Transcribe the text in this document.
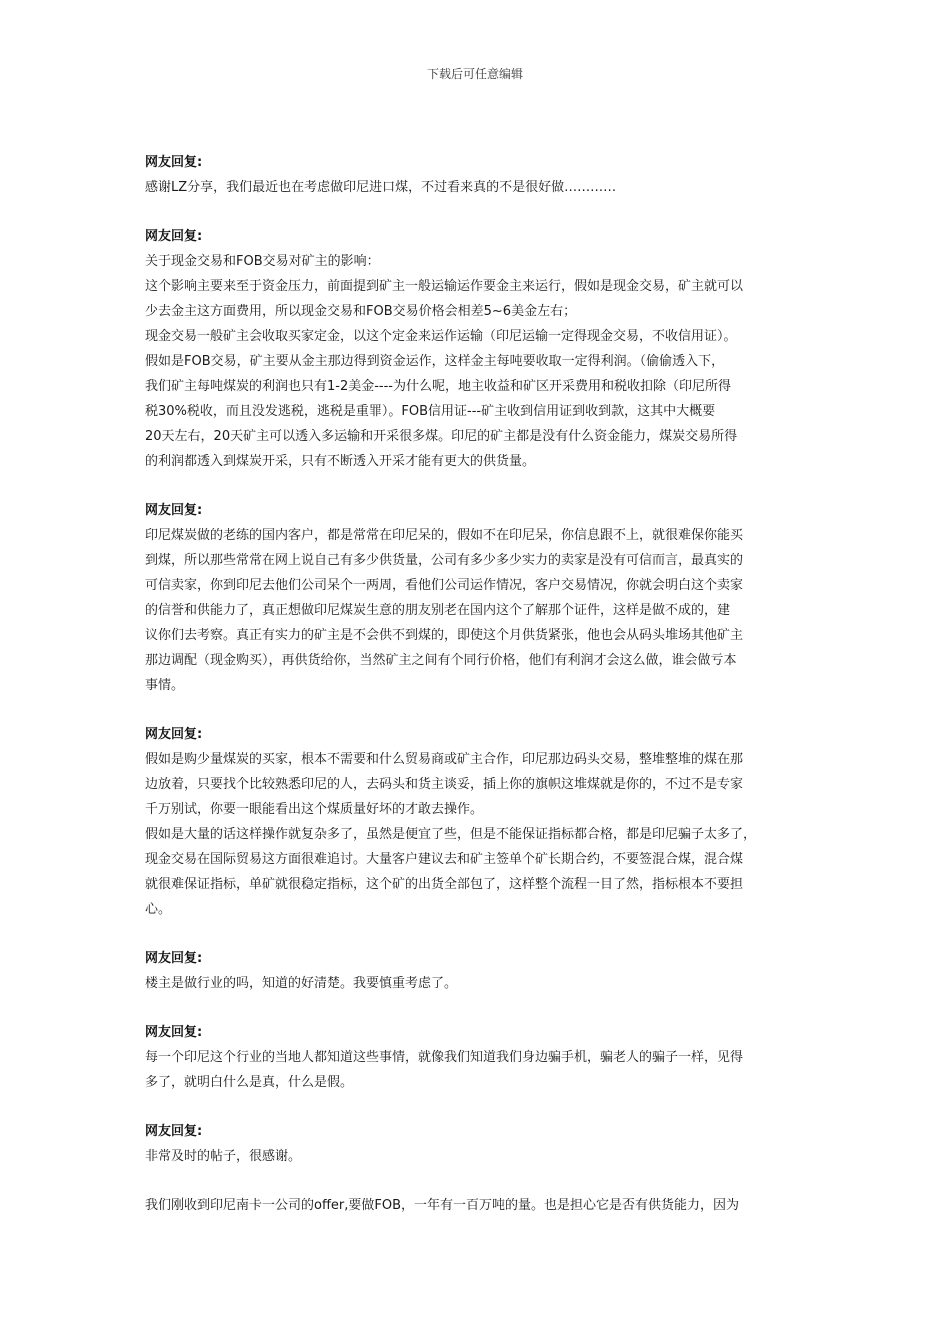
下载后可任意编辑

网友回复:

感谢LZ分享，我们最近也在考虑做印尼进口煤，不过看来真的不是很好做…………

网友回复:

关于现金交易和FOB交易对矿主的影响：

这个影响主要来至于资金压力，前面提到矿主一般运输运作要金主来运行，假如是现金交易，矿主就可以

少去金主这方面费用，所以现金交易和FOB交易价格会相差5~6美金左右；

现金交易一般矿主会收取买家定金，以这个定金来运作运输（印尼运输一定得现金交易，不收信用证）。

假如是FOB交易，矿主要从金主那边得到资金运作，这样金主每吨要收取一定得利润。（偷偷透入下，

我们矿主每吨煤炭的利润也只有1-2美金----为什么呢，地主收益和矿区开采费用和税收扣除（印尼所得

税30%税收，而且没发逃税，逃税是重罪）。FOB信用证---矿主收到信用证到收到款，这其中大概要

20天左右，20天矿主可以透入多运输和开采很多煤。印尼的矿主都是没有什么资金能力，煤炭交易所得

的利润都透入到煤炭开采，只有不断透入开采才能有更大的供货量。

网友回复:

印尼煤炭做的老练的国内客户，都是常常在印尼呆的，假如不在印尼呆，你信息跟不上，就很难保你能买

到煤，所以那些常常在网上说自己有多少供货量，公司有多少多少实力的卖家是没有可信而言，最真实的

可信卖家，你到印尼去他们公司呆个一两周，看他们公司运作情况，客户交易情况，你就会明白这个卖家

的信誉和供能力了，真正想做印尼煤炭生意的朋友别老在国内这个了解那个证件，这样是做不成的，建

议你们去考察。真正有实力的矿主是不会供不到煤的，即使这个月供货紧张，他也会从码头堆场其他矿主

那边调配（现金购买），再供货给你，当然矿主之间有个同行价格，他们有利润才会这么做，谁会做亏本

事情。

网友回复:

假如是购少量煤炭的买家，根本不需要和什么贸易商或矿主合作，印尼那边码头交易，整堆整堆的煤在那

边放着，只要找个比较熟悉印尼的人，去码头和货主谈妥，插上你的旗帜这堆煤就是你的，不过不是专家

千万别试，你要一眼能看出这个煤质量好坏的才敢去操作。

假如是大量的话这样操作就复杂多了，虽然是便宜了些，但是不能保证指标都合格，都是印尼骗子太多了，

现金交易在国际贸易这方面很难追讨。大量客户建议去和矿主签单个矿长期合约，不要签混合煤，混合煤

就很难保证指标，单矿就很稳定指标，这个矿的出货全部包了，这样整个流程一目了然，指标根本不要担

心。

网友回复:

楼主是做行业的吗，知道的好清楚。我要慎重考虑了。

网友回复:

每一个印尼这个行业的当地人都知道这些事情，就像我们知道我们身边骗手机，骗老人的骗子一样，见得

多了，就明白什么是真，什么是假。

网友回复:

非常及时的帖子，很感谢。

我们刚收到印尼南卡一公司的offer,要做FOB，一年有一百万吨的量。也是担心它是否有供货能力，因为
